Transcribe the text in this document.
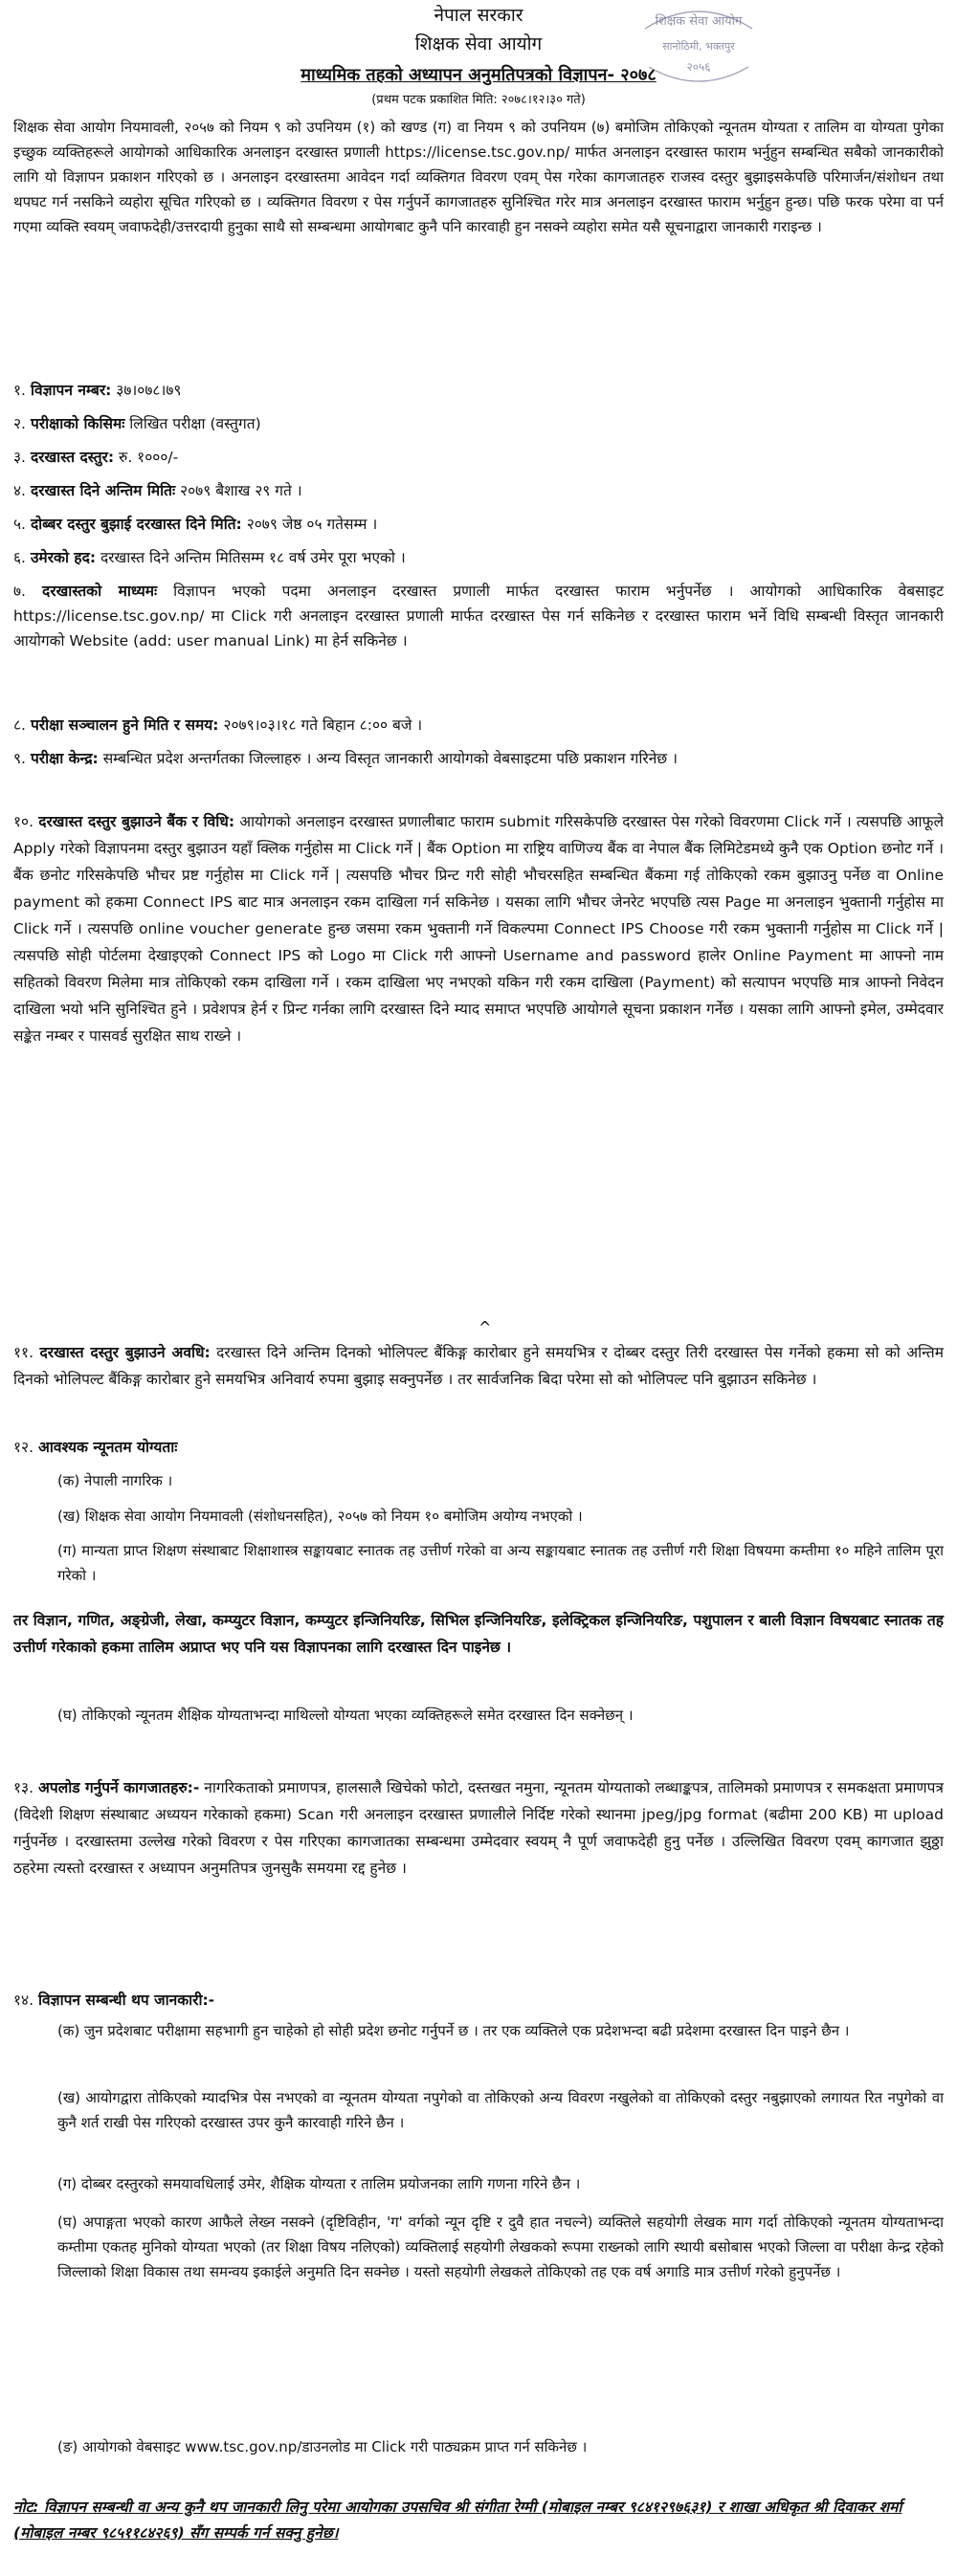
नेपाल सरकार
शिक्षक सेवा आयोग
माध्यमिक तहको अध्यापन अनुमतिपत्रको विज्ञापन- २०७८
(प्रथम पटक प्रकाशित मिति: २०७८।१२।३० गते)
शिक्षक सेवा आयोग
सानोठिमी, भक्तपुर
२०५६
शिक्षक सेवा आयोग नियमावली, २०५७ को नियम ९ को उपनियम (१) को खण्ड (ग) वा नियम ९ को उपनियम (७) बमोजिम तोकिएको न्यूनतम योग्यता र तालिम वा योग्यता पुगेका इच्छुक व्यक्तिहरूले आयोगको आधिकारिक अनलाइन दरखास्त प्रणाली https://license.tsc.gov.np/ मार्फत अनलाइन दरखास्त फाराम भर्नुहुन सम्बन्धित सबैको जानकारीको लागि यो विज्ञापन प्रकाशन गरिएको छ । अनलाइन दरखास्तमा आवेदन गर्दा व्यक्तिगत विवरण एवम् पेस गरेका कागजातहरु राजस्व दस्तुर बुझाइसकेपछि परिमार्जन/संशोधन तथा थपघट गर्न नसकिने व्यहोरा सूचित गरिएको छ । व्यक्तिगत विवरण र पेस गर्नुपर्ने कागजातहरु सुनिश्चित गरेर मात्र अनलाइन दरखास्त फाराम भर्नुहुन हुन्छ। पछि फरक परेमा वा पर्न गएमा व्यक्ति स्वयम् जवाफदेही/उत्तरदायी हुनुका साथै सो सम्बन्धमा आयोगबाट कुनै पनि कारवाही हुन नसक्ने व्यहोरा समेत यसै सूचनाद्वारा जानकारी गराइन्छ ।
१. विज्ञापन नम्बर: ३७।०७८।७९
२. परीक्षाको किसिमः लिखित परीक्षा (वस्तुगत)
३. दरखास्त दस्तुर: रु. १०००/-
४. दरखास्त दिने अन्तिम मितिः २०७९ बैशाख २९ गते ।
५. दोब्बर दस्तुर बुझाई दरखास्त दिने मिति: २०७९ जेष्ठ ०५ गतेसम्म ।
६. उमेरको हद: दरखास्त दिने अन्तिम मितिसम्म १८ वर्ष उमेर पूरा भएको ।
७. दरखास्तको माध्यमः विज्ञापन भएको पदमा अनलाइन दरखास्त प्रणाली मार्फत दरखास्त फाराम भर्नुपर्नेछ । आयोगको आधिकारिक वेबसाइट https://license.tsc.gov.np/ मा Click गरी अनलाइन दरखास्त प्रणाली मार्फत दरखास्त पेस गर्न सकिनेछ र दरखास्त फाराम भर्ने विधि सम्बन्धी विस्तृत जानकारी आयोगको Website (add: user manual Link) मा हेर्न सकिनेछ ।
८. परीक्षा सञ्चालन हुने मिति र समय: २०७९।०३।१८ गते बिहान ८:०० बजे ।
९. परीक्षा केन्द्र: सम्बन्धित प्रदेश अन्तर्गतका जिल्लाहरु । अन्य विस्तृत जानकारी आयोगको वेबसाइटमा पछि प्रकाशन गरिनेछ ।
१०. दरखास्त दस्तुर बुझाउने बैंक र विधि: आयोगको अनलाइन दरखास्त प्रणालीबाट फाराम submit गरिसकेपछि दरखास्त पेस गरेको विवरणमा Click गर्ने । त्यसपछि आफूले Apply गरेको विज्ञापनमा दस्तुर बुझाउन यहाँ क्लिक गर्नुहोस मा Click गर्ने | बैंक Option मा राष्ट्रिय वाणिज्य बैंक वा नेपाल बैंक लिमिटेडमध्ये कुनै एक Option छनोट गर्ने । बैंक छनोट गरिसकेपछि भौचर प्रष्ट गर्नुहोस मा Click गर्ने | त्यसपछि भौचर प्रिन्ट गरी सोही भौचरसहित सम्बन्धित बैंकमा गई तोकिएको रकम बुझाउनु पर्नेछ वा Online payment को हकमा Connect IPS बाट मात्र अनलाइन रकम दाखिला गर्न सकिनेछ । यसका लागि भौचर जेनरेट भएपछि त्यस Page मा अनलाइन भुक्तानी गर्नुहोस मा Click गर्ने । त्यसपछि online voucher generate हुन्छ जसमा रकम भुक्तानी गर्ने विकल्पमा Connect IPS Choose गरी रकम भुक्तानी गर्नुहोस मा Click गर्ने | त्यसपछि सोही पोर्टलमा देखाइएको Connect IPS को Logo मा Click गरी आफ्नो Username and password हालेर Online Payment मा आफ्नो नाम सहितको विवरण मिलेमा मात्र तोकिएको रकम दाखिला गर्ने । रकम दाखिला भए नभएको यकिन गरी रकम दाखिला (Payment) को सत्यापन भएपछि मात्र आफ्नो निवेदन दाखिला भयो भनि सुनिश्चित हुने । प्रवेशपत्र हेर्न र प्रिन्ट गर्नका लागि दरखास्त दिने म्याद समाप्त भएपछि आयोगले सूचना प्रकाशन गर्नेछ । यसका लागि आफ्नो इमेल, उम्मेदवार सङ्केत नम्बर र पासवर्ड सुरक्षित साथ राख्ने ।
^
११. दरखास्त दस्तुर बुझाउने अवधि: दरखास्त दिने अन्तिम दिनको भोलिपल्ट बैंकिङ्ग कारोबार हुने समयभित्र र दोब्बर दस्तुर तिरी दरखास्त पेस गर्नेको हकमा सो को अन्तिम दिनको भोलिपल्ट बैंकिङ्ग कारोबार हुने समयभित्र अनिवार्य रुपमा बुझाइ सक्नुपर्नेछ । तर सार्वजनिक बिदा परेमा सो को भोलिपल्ट पनि बुझाउन सकिनेछ ।
१२. आवश्यक न्यूनतम योग्यताः
(क) नेपाली नागरिक ।
(ख) शिक्षक सेवा आयोग नियमावली (संशोधनसहित), २०५७ को नियम १० बमोजिम अयोग्य नभएको ।
(ग) मान्यता प्राप्त शिक्षण संस्थाबाट शिक्षाशास्त्र सङ्कायबाट स्नातक तह उत्तीर्ण गरेको वा अन्य सङ्कायबाट स्नातक तह उत्तीर्ण गरी शिक्षा विषयमा कम्तीमा १० महिने तालिम पूरा गरेको ।
तर विज्ञान, गणित, अङ्ग्रेजी, लेखा, कम्प्युटर विज्ञान, कम्प्युटर इन्जिनियरिङ, सिभिल इन्जिनियरिङ, इलेक्ट्रिकल इन्जिनियरिङ, पशुपालन र बाली विज्ञान विषयबाट स्नातक तह उत्तीर्ण गरेकाको हकमा तालिम अप्राप्त भए पनि यस विज्ञापनका लागि दरखास्त दिन पाइनेछ ।
(घ) तोकिएको न्यूनतम शैक्षिक योग्यताभन्दा माथिल्लो योग्यता भएका व्यक्तिहरूले समेत दरखास्त दिन सक्नेछन् ।
१३. अपलोड गर्नुपर्ने कागजातहरु:- नागरिकताको प्रमाणपत्र, हालसालै खिचेको फोटो, दस्तखत नमुना, न्यूनतम योग्यताको लब्धाङ्कपत्र, तालिमको प्रमाणपत्र र समकक्षता प्रमाणपत्र (विदेशी शिक्षण संस्थाबाट अध्ययन गरेकाको हकमा) Scan गरी अनलाइन दरखास्त प्रणालीले निर्दिष्ट गरेको स्थानमा jpeg/jpg format (बढीमा 200 KB) मा upload गर्नुपर्नेछ । दरखास्तमा उल्लेख गरेको विवरण र पेस गरिएका कागजातका सम्बन्धमा उम्मेदवार स्वयम् नै पूर्ण जवाफदेही हुनु पर्नेछ । उल्लिखित विवरण एवम् कागजात झुठ्ठा ठहरेमा त्यस्तो दरखास्त र अध्यापन अनुमतिपत्र जुनसुकै समयमा रद्द हुनेछ ।
१४. विज्ञापन सम्बन्धी थप जानकारी:-
(क) जुन प्रदेशबाट परीक्षामा सहभागी हुन चाहेको हो सोही प्रदेश छनोट गर्नुपर्ने छ । तर एक व्यक्तिले एक प्रदेशभन्दा बढी प्रदेशमा दरखास्त दिन पाइने छैन ।
(ख) आयोगद्वारा तोकिएको म्यादभित्र पेस नभएको वा न्यूनतम योग्यता नपुगेको वा तोकिएको अन्य विवरण नखुलेको वा तोकिएको दस्तुर नबुझाएको लगायत रित नपुगेको वा कुनै शर्त राखी पेस गरिएको दरखास्त उपर कुनै कारवाही गरिने छैन ।
(ग) दोब्बर दस्तुरको समयावधिलाई उमेर, शैक्षिक योग्यता र तालिम प्रयोजनका लागि गणना गरिने छैन ।
(घ) अपाङ्गता भएको कारण आफैले लेख्न नसक्ने (दृष्टिविहीन, 'ग' वर्गको न्यून दृष्टि र दुवै हात नचल्ने) व्यक्तिले सहयोगी लेखक माग गर्दा तोकिएको न्यूनतम योग्यताभन्दा कम्तीमा एकतह मुनिको योग्यता भएको (तर शिक्षा विषय नलिएको) व्यक्तिलाई सहयोगी लेखकको रूपमा राख्नको लागि स्थायी बसोबास भएको जिल्ला वा परीक्षा केन्द्र रहेको जिल्लाको शिक्षा विकास तथा समन्वय इकाईले अनुमति दिन सक्नेछ । यस्तो सहयोगी लेखकले तोकिएको तह एक वर्ष अगाडि मात्र उत्तीर्ण गरेको हुनुपर्नेछ ।
(ङ) आयोगको वेबसाइट www.tsc.gov.np/डाउनलोड मा Click गरी पाठ्यक्रम प्राप्त गर्न सकिनेछ ।
नोट: विज्ञापन सम्बन्धी वा अन्य कुनै थप जानकारी लिनु परेमा आयोगका उपसचिव श्री संगीता रेग्मी (मोबाइल नम्बर ९८४१२९७६३१) र शाखा अधिकृत श्री दिवाकर शर्मा (मोबाइल नम्बर ९८५११८४२६९) सँग सम्पर्क गर्न सक्नु हुनेछ।
